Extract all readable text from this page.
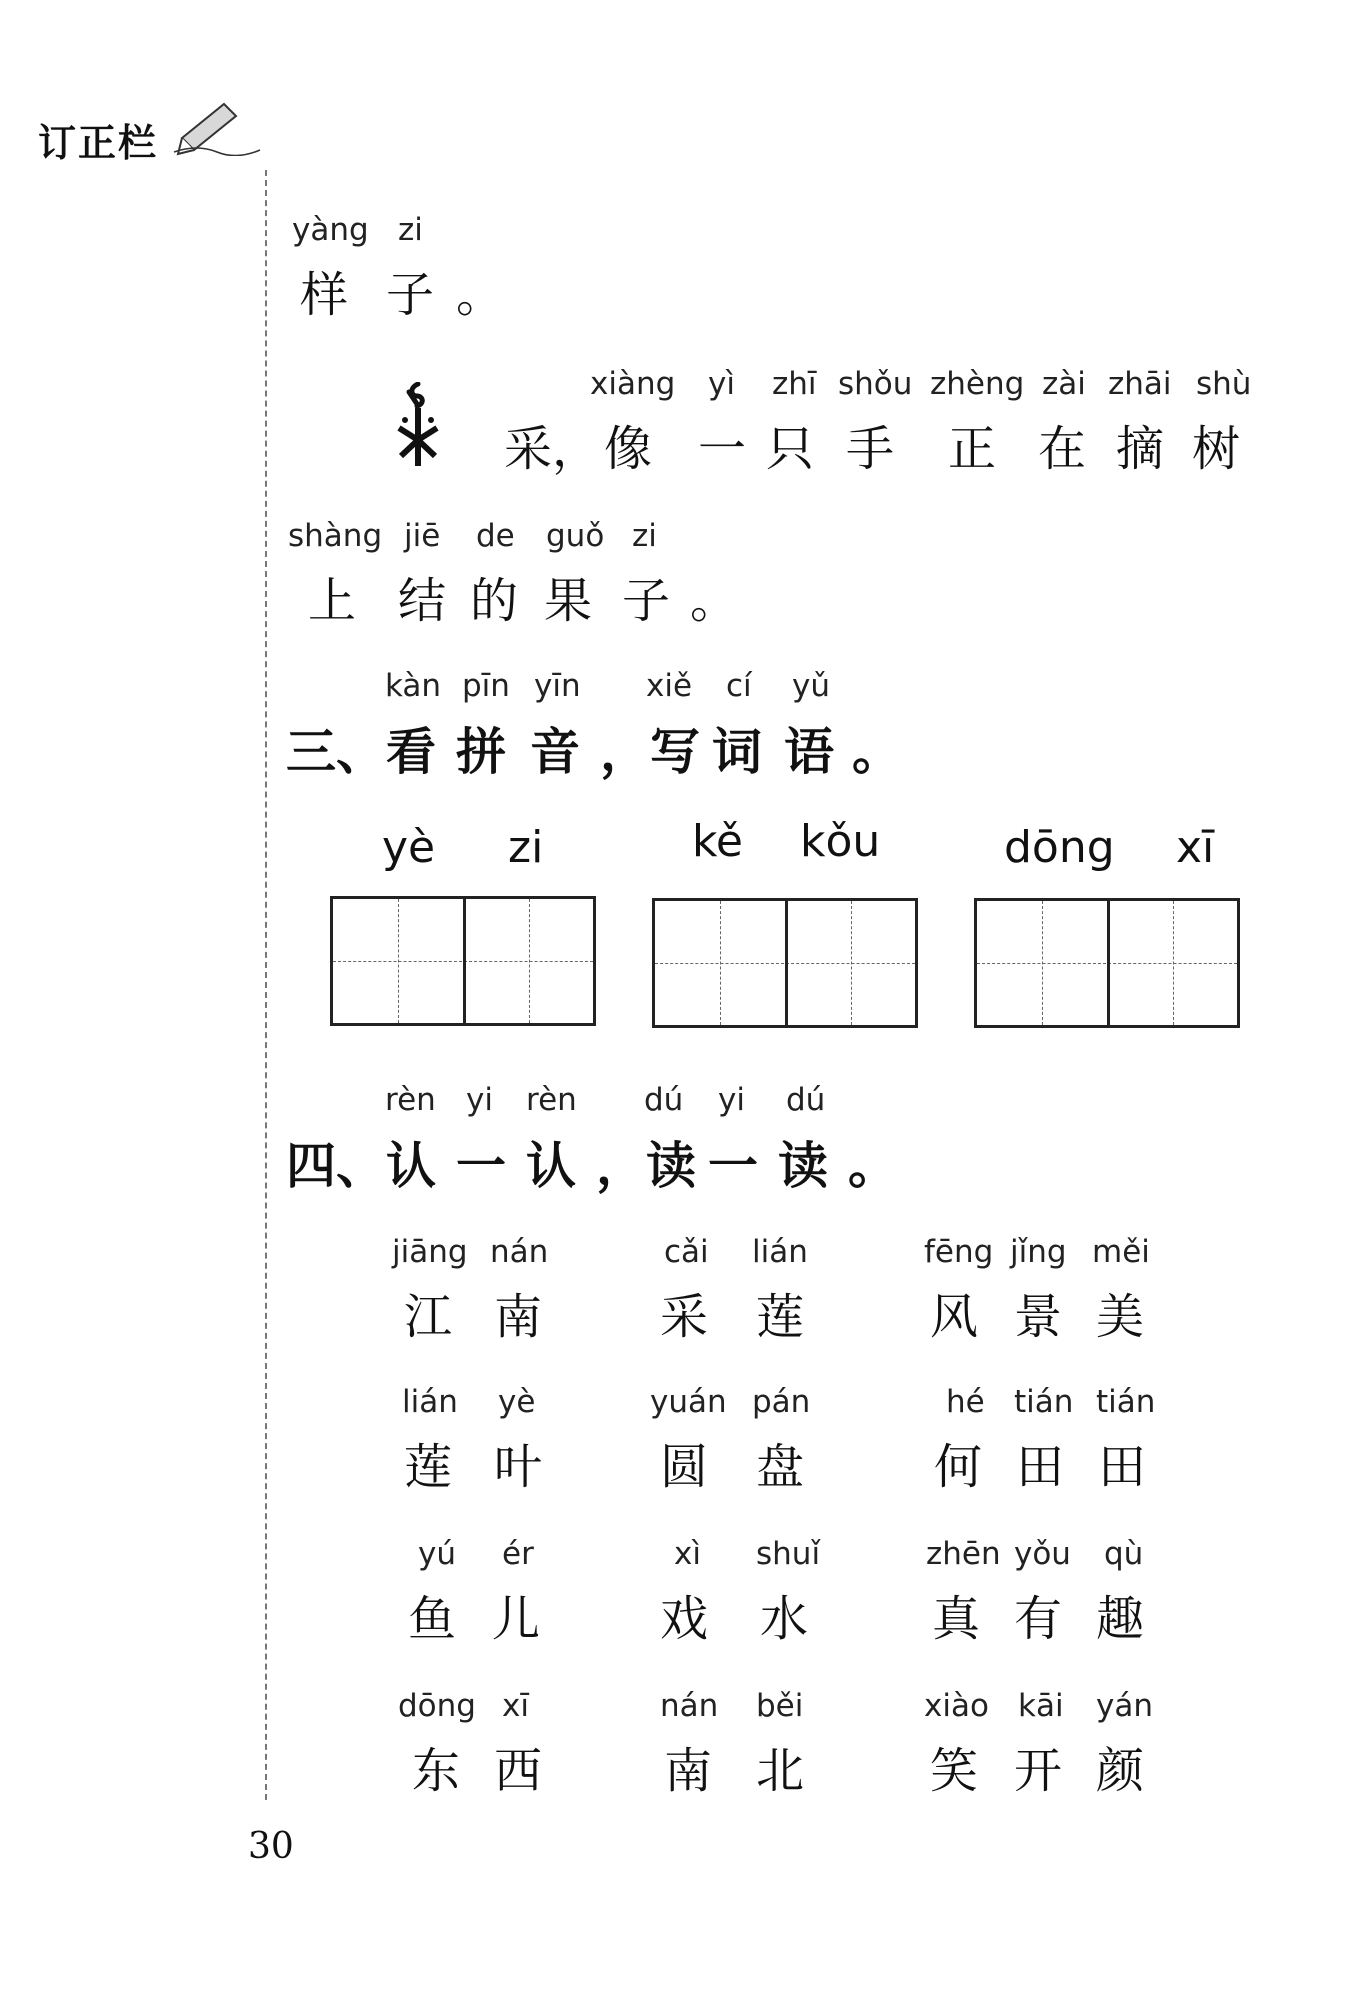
订正栏
yàng zi
样 子 。
xiàng yì zhī shǒu zhèng zài zhāi shù
采， 像 一 只 手 正 在 摘 树
shàng jiē de guǒ zi
上 结 的 果 子 。
kàn pīn yīn xiě cí yǔ
三、看 拼 音 ，写 词 语 。
yè zi	kě kǒu	dōng xī
rèn yi rèn dú yi dú
四、认 一 认 ，读 一 读 。
jiāng nán
江 南
cǎi lián
采 莲
fēng jǐng měi
风 景 美
lián yè
莲 叶
yuán pán
圆 盘
hé tián tián
何 田 田
yú ér
鱼 儿
xì shuǐ
戏 水
zhēn yǒu qù
真 有 趣
dōng xī
东 西
nán běi
南 北
xiào kāi yán
笑 开 颜
30
